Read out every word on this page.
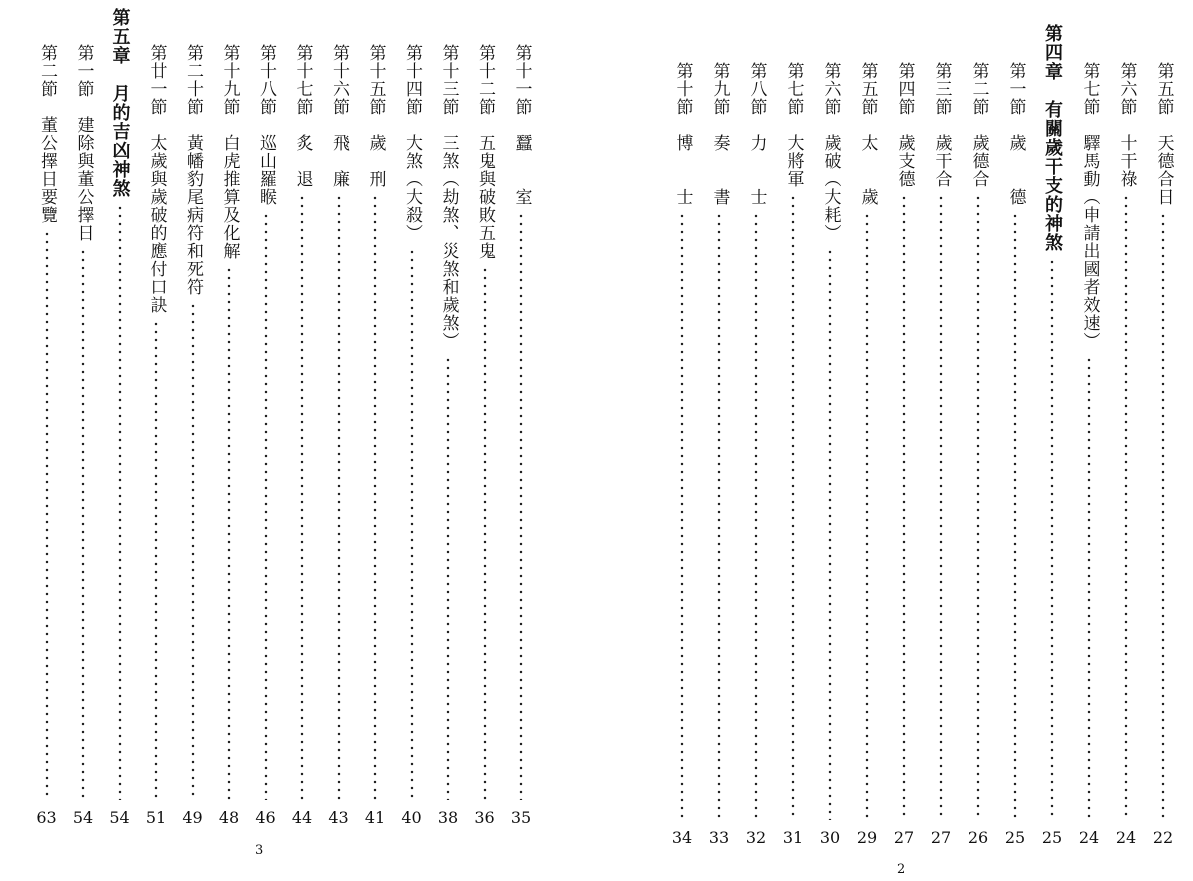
第十一節　蠶　　室
35
第十二節　五鬼與破敗五鬼
36
第十三節　三煞（劫煞、災煞和歲煞）
38
第十四節　大煞（大殺）
40
第十五節　歲　刑
41
第十六節　飛　廉
43
第十七節　炙　退
44
第十八節　巡山羅睺
46
第十九節　白虎推算及化解
48
第二十節　黃幡豹尾病符和死符
49
第廿一節　太歲與歲破的應付口訣
51
第五章　月的吉凶神煞
54
第一節　建除與董公擇日
54
第二節　董公擇日要覽
63
3
第五節　天德合日
22
第六節　十干祿
24
第七節　驛馬動（申請出國者效速）
24
第四章　有關歲干支的神煞
25
第一節　歲　　德
25
第二節　歲德合
26
第三節　歲干合
27
第四節　歲支德
27
第五節　太　　歲
29
第六節　歲破（大耗）
30
第七節　大將軍
31
第八節　力　　士
32
第九節　奏　　書
33
第十節　博　　士
34
2
